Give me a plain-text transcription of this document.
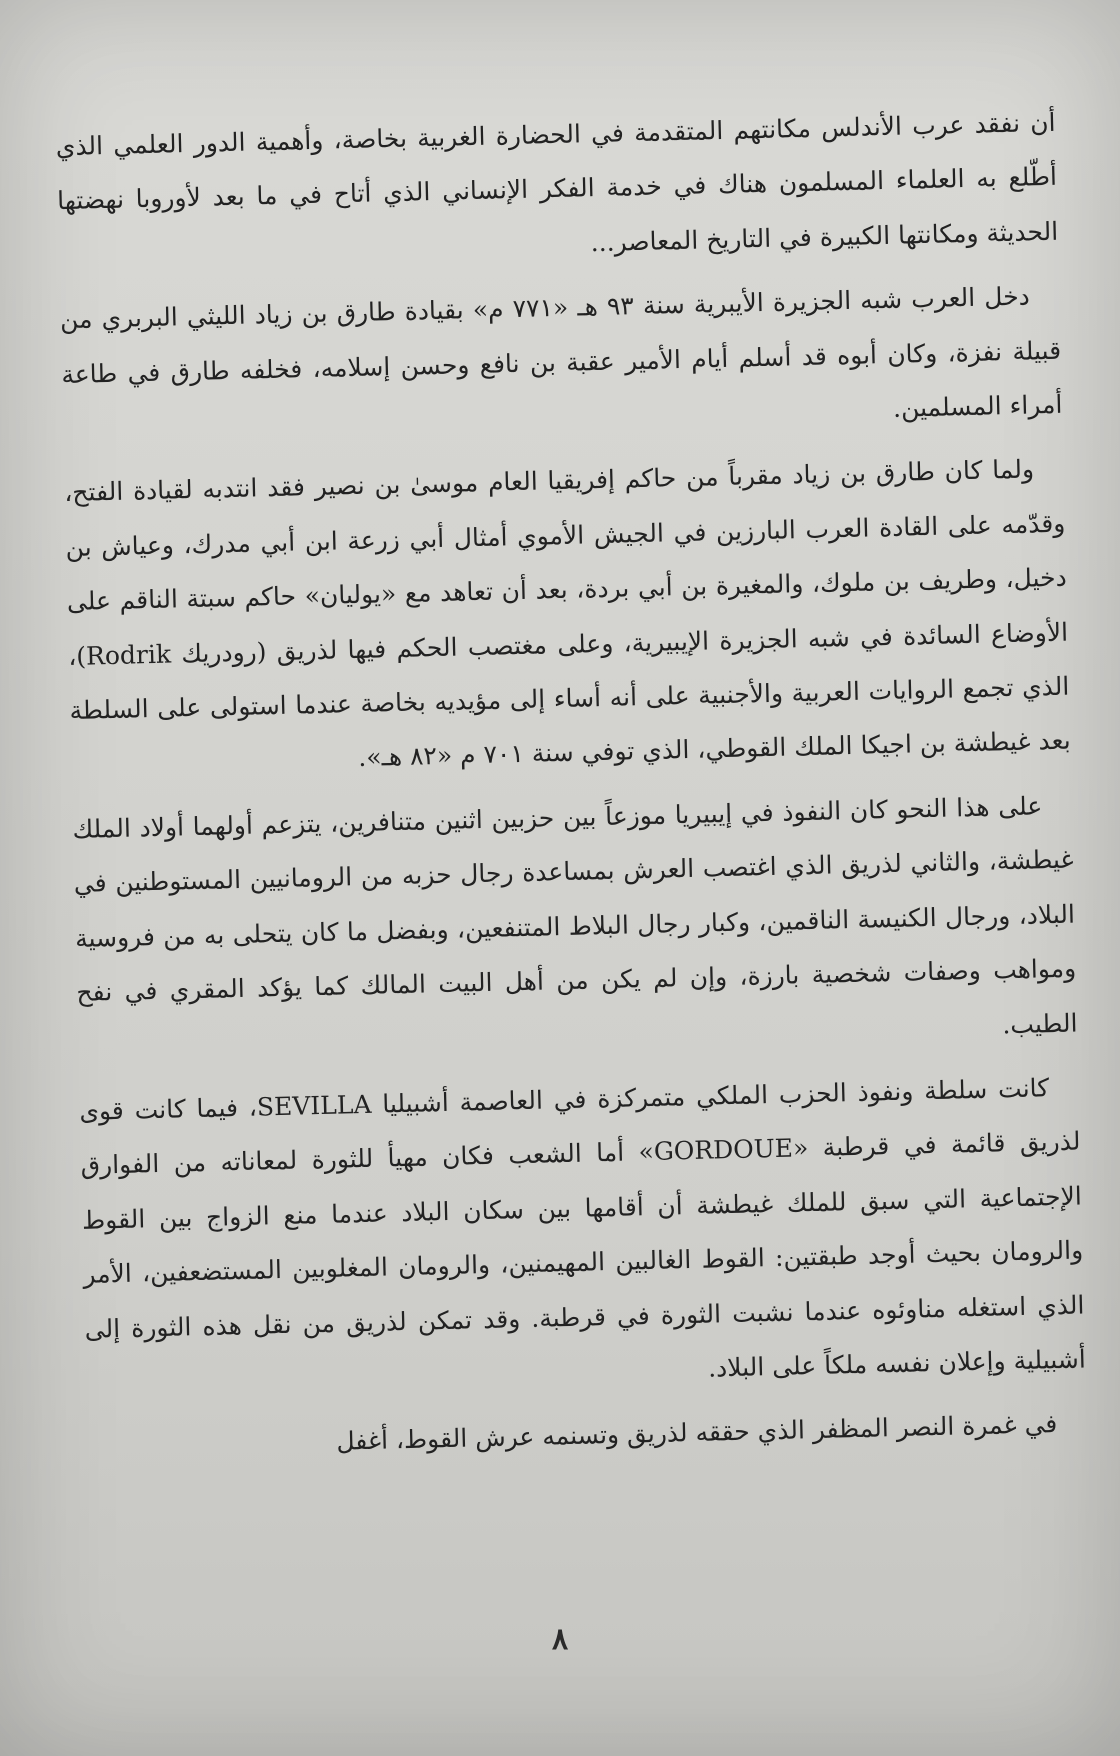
أن نفقد عرب الأندلس مكانتهم المتقدمة في الحضارة الغربية بخاصة، وأهمية الدور العلمي الذي أطّلع به العلماء المسلمون هناك في خدمة الفكر الإنساني الذي أتاح في ما بعد لأوروبا نهضتها الحديثة ومكانتها الكبيرة في التاريخ المعاصر...

دخل العرب شبه الجزيرة الأيبرية سنة ٩٣ هـ «٧٧١ م» بقيادة طارق بن زياد الليثي البربري من قبيلة نفزة، وكان أبوه قد أسلم أيام الأمير عقبة بن نافع وحسن إسلامه، فخلفه طارق في طاعة أمراء المسلمين.

ولما كان طارق بن زياد مقرباً من حاكم إفريقيا العام موسىٰ بن نصير فقد انتدبه لقيادة الفتح، وقدّمه على القادة العرب البارزين في الجيش الأموي أمثال أبي زرعة ابن أبي مدرك، وعياش بن دخيل، وطريف بن ملوك، والمغيرة بن أبي بردة، بعد أن تعاهد مع «يوليان» حاكم سبتة الناقم على الأوضاع السائدة في شبه الجزيرة الإيبيرية، وعلى مغتصب الحكم فيها لذريق (رودريك Rodrik)، الذي تجمع الروايات العربية والأجنبية على أنه أساء إلى مؤيديه بخاصة عندما استولى على السلطة بعد غيطشة بن اجيكا الملك القوطي، الذي توفي سنة ٧٠١ م «٨٢ هـ».

على هذا النحو كان النفوذ في إيبيريا موزعاً بين حزبين اثنين متنافرين، يتزعم أولهما أولاد الملك غيطشة، والثاني لذريق الذي اغتصب العرش بمساعدة رجال حزبه من الرومانيين المستوطنين في البلاد، ورجال الكنيسة الناقمين، وكبار رجال البلاط المتنفعين، وبفضل ما كان يتحلى به من فروسية ومواهب وصفات شخصية بارزة، وإن لم يكن من أهل البيت المالك كما يؤكد المقري في نفح الطيب.

كانت سلطة ونفوذ الحزب الملكي متمركزة في العاصمة أشبيليا SEVILLA، فيما كانت قوى لذريق قائمة في قرطبة «GORDOUE» أما الشعب فكان مهيأ للثورة لمعاناته من الفوارق الإجتماعية التي سبق للملك غيطشة أن أقامها بين سكان البلاد عندما منع الزواج بين القوط والرومان بحيث أوجد طبقتين: القوط الغالبين المهيمنين، والرومان المغلوبين المستضعفين، الأمر الذي استغله مناوئوه عندما نشبت الثورة في قرطبة. وقد تمكن لذريق من نقل هذه الثورة إلى أشبيلية وإعلان نفسه ملكاً على البلاد.

في غمرة النصر المظفر الذي حققه لذريق وتسنمه عرش القوط، أغفل

٨
